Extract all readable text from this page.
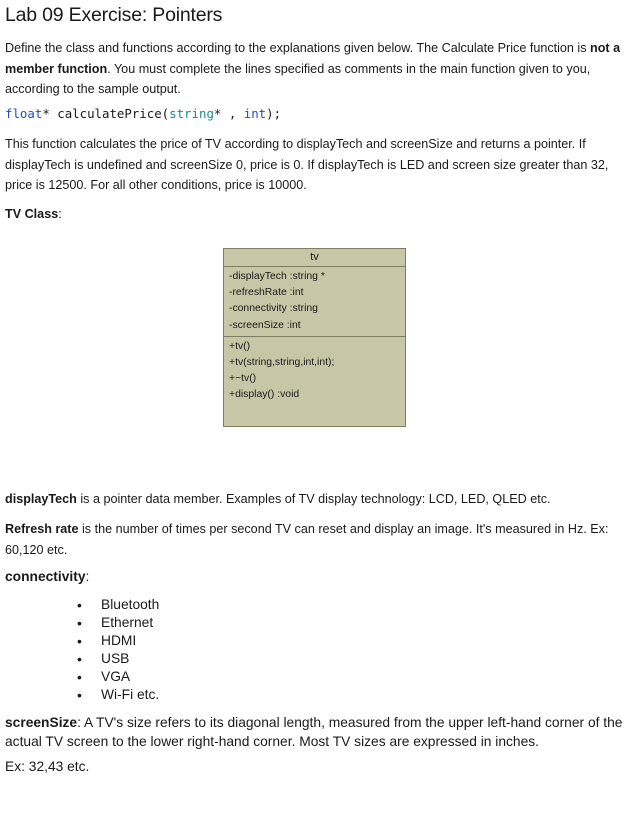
Lab 09 Exercise: Pointers
Define the class and functions according to the explanations given below. The Calculate Price function is not a member function. You must complete the lines specified as comments in the main function given to you, according to the sample output.
float* calculatePrice(string* , int);
This function calculates the price of TV according to displayTech and screenSize and returns a pointer. If displayTech is undefined and screenSize 0, price is 0. If displayTech is LED and screen size greater than 32, price is 12500. For all other conditions, price is 10000.
TV Class:
tv
-displayTech :string *
-refreshRate :int
-connectivity :string
-screenSize :int
+tv()
+tv(string,string,int,int);
+~tv()
+display() :void
displayTech is a pointer data member. Examples of TV display technology: LCD, LED, QLED etc.
Refresh rate is the number of times per second TV can reset and display an image. It's measured in Hz. Ex: 60,120 etc.
connectivity:
• Bluetooth
• Ethernet
• HDMI
• USB
• VGA
• Wi-Fi etc.
screenSize: A TV's size refers to its diagonal length, measured from the upper left-hand corner of the actual TV screen to the lower right-hand corner. Most TV sizes are expressed in inches.
Ex: 32,43 etc.
